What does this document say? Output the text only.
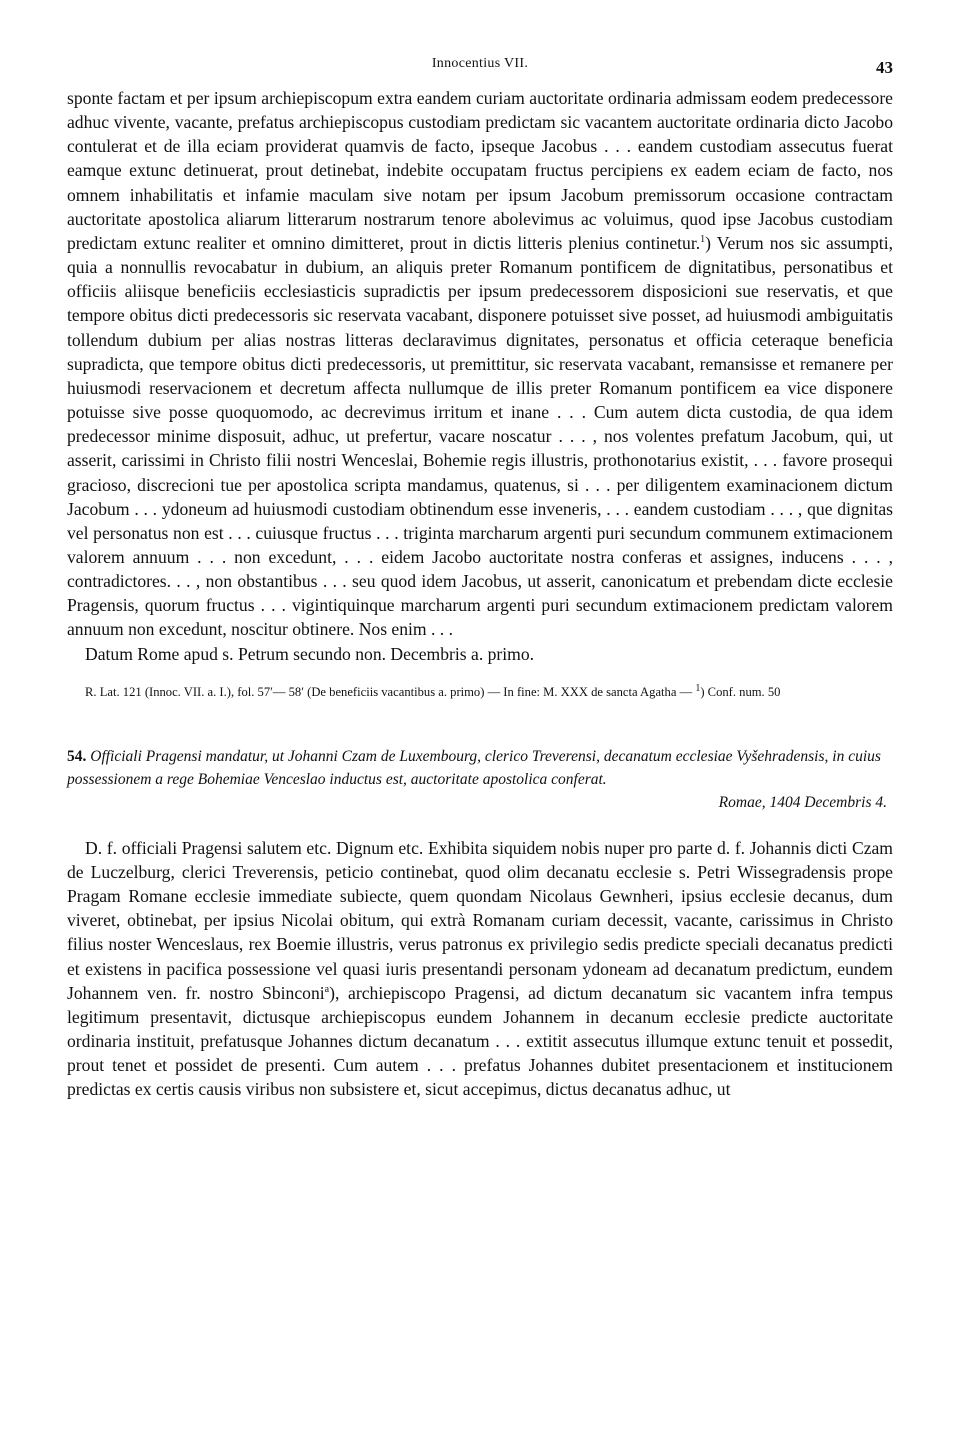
Innocentius VII.	43

sponte factam et per ipsum archiepiscopum extra eandem curiam auctoritate ordinaria admissam eodem predecessore adhuc vivente, vacante, prefatus archiepiscopus custodiam predictam sic vacantem auctoritate ordinaria dicto Jacobo contulerat et de illa eciam providerat quamvis de facto, ipseque Jacobus . . . eandem custodiam assecutus fuerat eamque extunc detinuerat, prout detinebat, indebite occupatam fructus percipiens ex eadem eciam de facto, nos omnem inhabilitatis et infamie maculam sive notam per ipsum Jacobum premissorum occasione contractam auctoritate apostolica aliarum litterarum nostrarum tenore abolevimus ac voluimus, quod ipse Jacobus custodiam predictam extunc realiter et omnino dimitteret, prout in dictis litteris plenius continetur.$^1$) Verum nos sic assumpti, quia a nonnullis revocabatur in dubium, an aliquis preter Romanum pontificem de dignitatibus, personatibus et officiis aliisque beneficiis ecclesiasticis supradictis per ipsum predecessorem disposicioni sue reservatis, et que tempore obitus dicti predecessoris sic reservata vacabant, disponere potuisset sive posset, ad huiusmodi ambiguitatis tollendum dubium per alias nostras litteras declaravimus dignitates, personatus et officia ceteraque beneficia supradicta, que tempore obitus dicti predecessoris, ut premittitur, sic reservata vacabant, remansisse et remanere per huiusmodi reservacionem et decretum affecta nullumque de illis preter Romanum pontificem ea vice disponere potuisse sive posse quoquomodo, ac decrevimus irritum et inane . . . Cum autem dicta custodia, de qua idem predecessor minime disposuit, adhuc, ut prefertur, vacare noscatur . . . , nos volentes prefatum Jacobum, qui, ut asserit, carissimi in Christo filii nostri Wenceslai, Bohemie regis illustris, prothonotarius existit, . . . favore prosequi gracioso, discrecioni tue per apostolica scripta mandamus, quatenus, si . . . per diligentem examinacionem dictum Jacobum . . . ydoneum ad huiusmodi custodiam obtinendum esse inveneris, . . . eandem custodiam . . . , que dignitas vel personatus non est . . . cuiusque fructus . . . triginta marcharum argenti puri secundum communem extimacionem valorem annuum . . . non excedunt, . . . eidem Jacobo auctoritate nostra conferas et assignes, inducens . . . , contradictores. . . , non obstantibus . . . seu quod idem Jacobus, ut asserit, canonicatum et prebendam dicte ecclesie Pragensis, quorum fructus . . . vigintiquinque marcharum argenti puri secundum extimacionem predictam valorem annuum non excedunt, noscitur obtinere. Nos enim . . .

Datum Rome apud s. Petrum secundo non. Decembris a. primo.

R. Lat. 121 (Innoc. VII. a. I.), fol. 57′— 58′ (De beneficiis vacantibus a. primo) — In fine: M. XXX de sancta Agatha — $^1$) Conf. num. 50
54. Officiali Pragensi mandatur, ut Johanni Czam de Luxembourg, clerico Treverensi, decanatum ecclesiae Vyšehradensis, in cuius possessionem a rege Bohemiae Venceslao inductus est, auctoritate apostolica conferat.
Romae, 1404 Decembris 4.

D. f. officiali Pragensi salutem etc. Dignum etc. Exhibita siquidem nobis nuper pro parte d. f. Johannis dicti Czam de Luczelburg, clerici Treverensis, peticio continebat, quod olim decanatu ecclesie s. Petri Wissegradensis prope Pragam Romane ecclesie immediate subiecte, quem quondam Nicolaus Gewnheri, ipsius ecclesie decanus, dum viveret, obtinebat, per ipsius Nicolai obitum, qui extrà Romanam curiam decessit, vacante, carissimus in Christo filius noster Wenceslaus, rex Boemie illustris, verus patronus ex privilegio sedis predicte speciali decanatus predicti et existens in pacifica possessione vel quasi iuris presentandi personam ydoneam ad decanatum predictum, eundem Johannem ven. fr. nostro Sbinconi$^a$), archiepiscopo Pragensi, ad dictum decanatum sic vacantem infra tempus legitimum presentavit, dictusque archiepiscopus eundem Johannem in decanum ecclesie predicte auctoritate ordinaria instituit, prefatusque Johannes dictum decanatum . . . extitit assecutus illumque extunc tenuit et possedit, prout tenet et possidet de presenti. Cum autem . . . prefatus Johannes dubitet presentacionem et institucionem predictas ex certis causis viribus non subsistere et, sicut accepimus, dictus decanatus adhuc, ut
